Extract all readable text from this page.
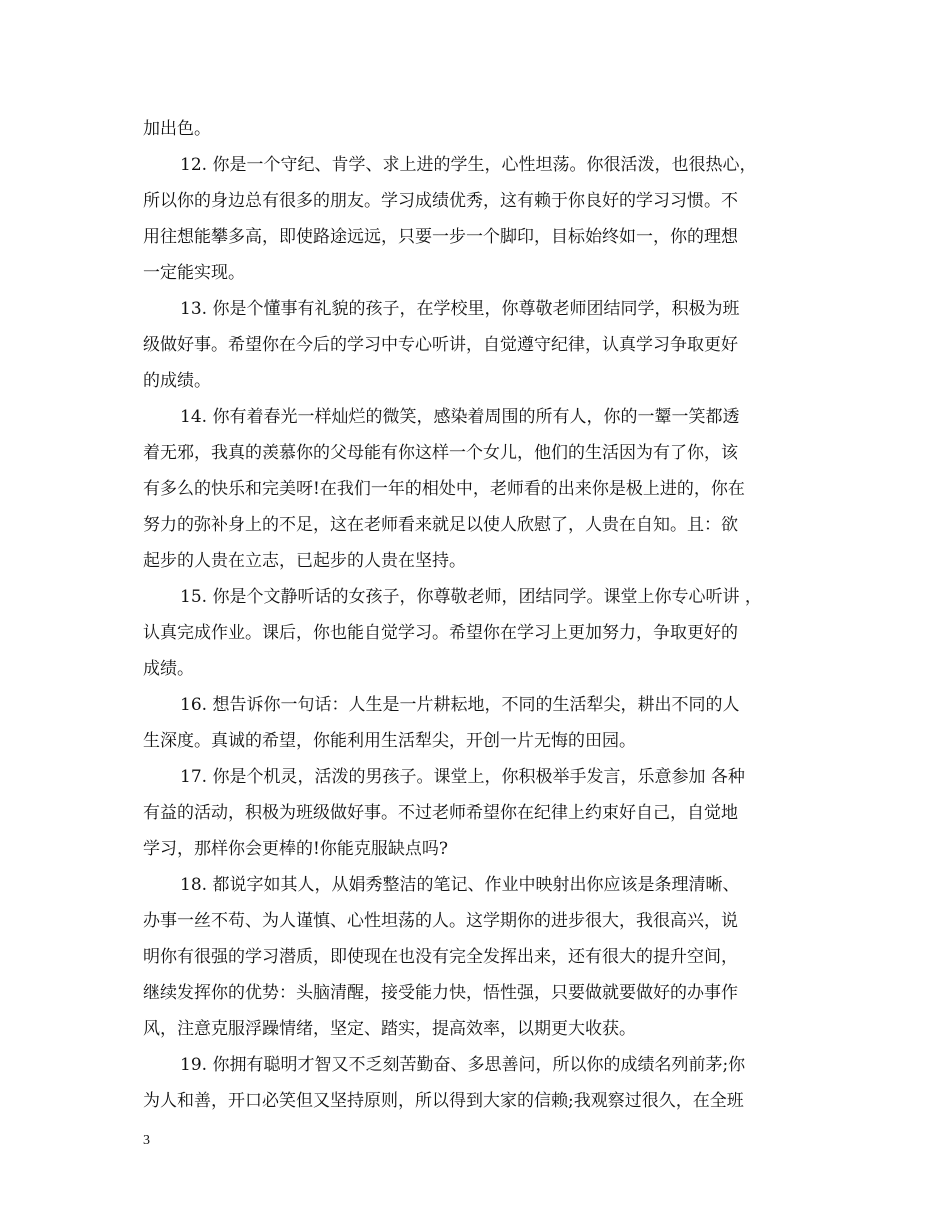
加出色。
12. 你是一个守纪、肯学、求上进的学生，心性坦荡。你很活泼，也很热心，
所以你的身边总有很多的朋友。学习成绩优秀，这有赖于你良好的学习习惯。不
用往想能攀多高，即使路途远远，只要一步一个脚印，目标始终如一，你的理想
一定能实现。
13. 你是个懂事有礼貌的孩子，在学校里，你尊敬老师团结同学，积极为班
级做好事。希望你在今后的学习中专心听讲，自觉遵守纪律，认真学习争取更好
的成绩。
14. 你有着春光一样灿烂的微笑，感染着周围的所有人，你的一颦一笑都透
着无邪，我真的羡慕你的父母能有你这样一个女儿，他们的生活因为有了你，该
有多么的快乐和完美呀!在我们一年的相处中，老师看的出来你是极上进的，你在
努力的弥补身上的不足，这在老师看来就足以使人欣慰了，人贵在自知。且：欲
起步的人贵在立志，已起步的人贵在坚持。
15. 你是个文静听话的女孩子，你尊敬老师，团结同学。课堂上你专心听讲 ，
认真完成作业。课后，你也能自觉学习。希望你在学习上更加努力，争取更好的
成绩。
16. 想告诉你一句话：人生是一片耕耘地，不同的生活犁尖，耕出不同的人
生深度。真诚的希望，你能利用生活犁尖，开创一片无悔的田园。
17. 你是个机灵，活泼的男孩子。课堂上，你积极举手发言，乐意参加 各种
有益的活动，积极为班级做好事。不过老师希望你在纪律上约束好自己，自觉地
学习，那样你会更棒的!你能克服缺点吗?
18. 都说字如其人，从娟秀整洁的笔记、作业中映射出你应该是条理清晰、
办事一丝不苟、为人谨慎、心性坦荡的人。这学期你的进步很大，我很高兴，说
明你有很强的学习潜质，即使现在也没有完全发挥出来，还有很大的提升空间，
继续发挥你的优势：头脑清醒，接受能力快，悟性强，只要做就要做好的办事作
风，注意克服浮躁情绪，坚定、踏实，提高效率，以期更大收获。
19. 你拥有聪明才智又不乏刻苦勤奋、多思善问，所以你的成绩名列前茅;你
为人和善，开口必笑但又坚持原则，所以得到大家的信赖;我观察过很久，在全班
3
